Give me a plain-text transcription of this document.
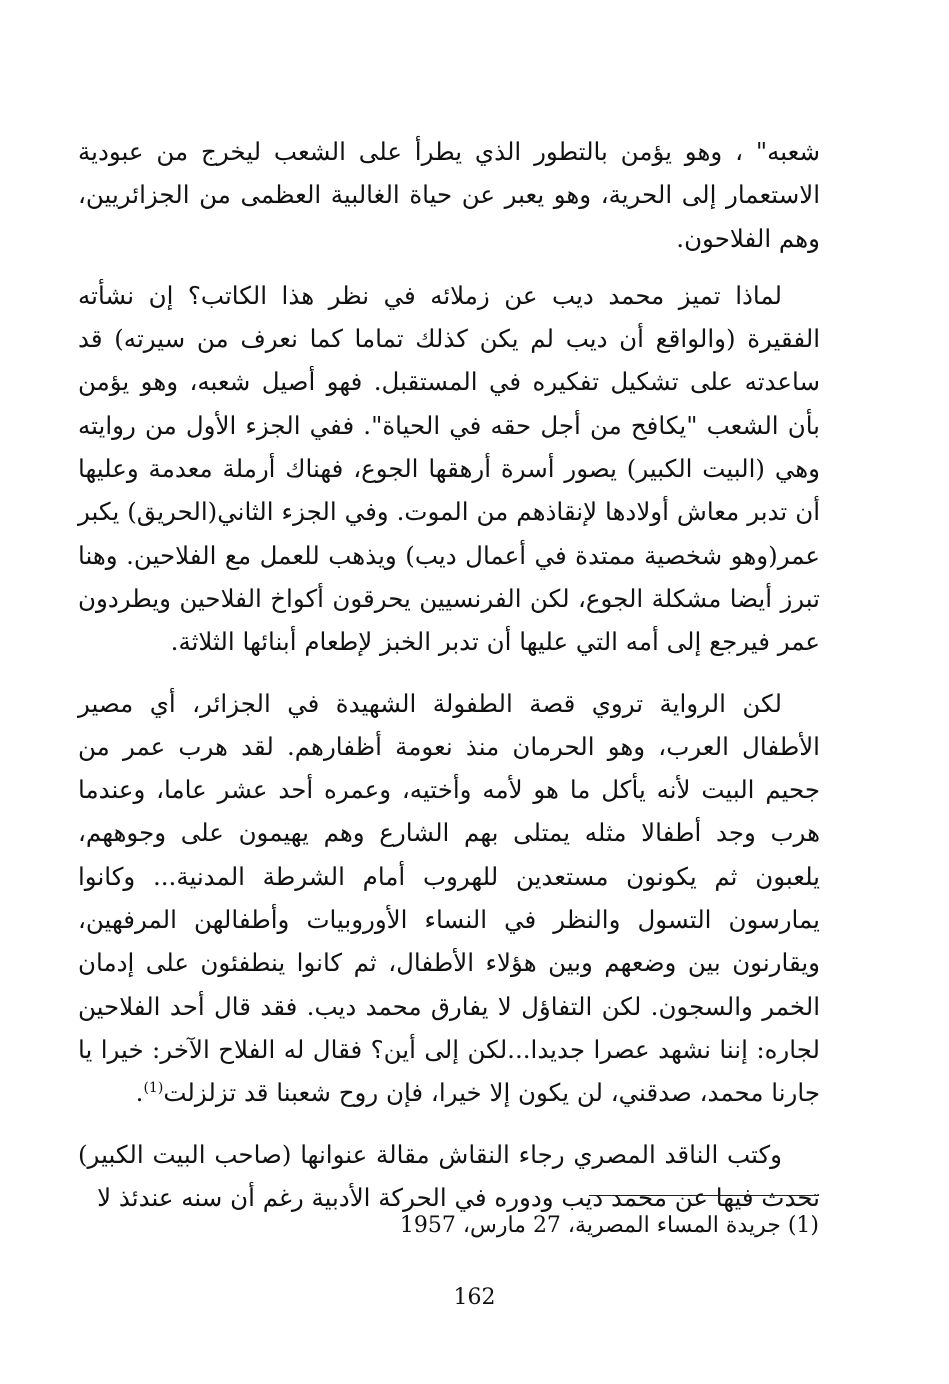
شعبه" ، وهو يؤمن بالتطور الذي يطرأ على الشعب ليخرج من عبودية الاستعمار إلى الحرية، وهو يعبر عن حياة الغالبية العظمى من الجزائريين، وهم الفلاحون.

لماذا تميز محمد ديب عن زملائه في نظر هذا الكاتب؟ إن نشأته الفقيرة (والواقع أن ديب لم يكن كذلك تماما كما نعرف من سيرته) قد ساعدته على تشكيل تفكيره في المستقبل. فهو أصيل شعبه، وهو يؤمن بأن الشعب "يكافح من أجل حقه في الحياة". ففي الجزء الأول من روايته وهي (البيت الكبير) يصور أسرة أرهقها الجوع، فهناك أرملة معدمة وعليها أن تدبر معاش أولادها لإنقاذهم من الموت. وفي الجزء الثاني(الحريق) يكبر عمر(وهو شخصية ممتدة في أعمال ديب) ويذهب للعمل مع الفلاحين. وهنا تبرز أيضا مشكلة الجوع، لكن الفرنسيين يحرقون أكواخ الفلاحين ويطردون عمر فيرجع إلى أمه التي عليها أن تدبر الخبز لإطعام أبنائها الثلاثة.

لكن الرواية تروي قصة الطفولة الشهيدة في الجزائر، أي مصير الأطفال العرب، وهو الحرمان منذ نعومة أظفارهم. لقد هرب عمر من جحيم البيت لأنه يأكل ما هو لأمه وأختيه، وعمره أحد عشر عاما، وعندما هرب وجد أطفالا مثله يمتلى بهم الشارع وهم يهيمون على وجوههم، يلعبون ثم يكونون مستعدين للهروب أمام الشرطة المدنية... وكانوا يمارسون التسول والنظر في النساء الأوروبيات وأطفالهن المرفهين، ويقارنون بين وضعهم وبين هؤلاء الأطفال، ثم كانوا ينطفئون على إدمان الخمر والسجون. لكن التفاؤل لا يفارق محمد ديب. فقد قال أحد الفلاحين لجاره: إننا نشهد عصرا جديدا...لكن إلى أين؟ فقال له الفلاح الآخر: خيرا يا جارنا محمد، صدقني، لن يكون إلا خيرا، فإن روح شعبنا قد تزلزلت$^{(1)}$.

وكتب الناقد المصري رجاء النقاش مقالة عنوانها (صاحب البيت الكبير) تحدث فيها عن محمد ديب ودوره في الحركة الأدبية رغم أن سنه عندئذ لا

(1) جريدة المساء المصرية، 27 مارس، 1957
162
